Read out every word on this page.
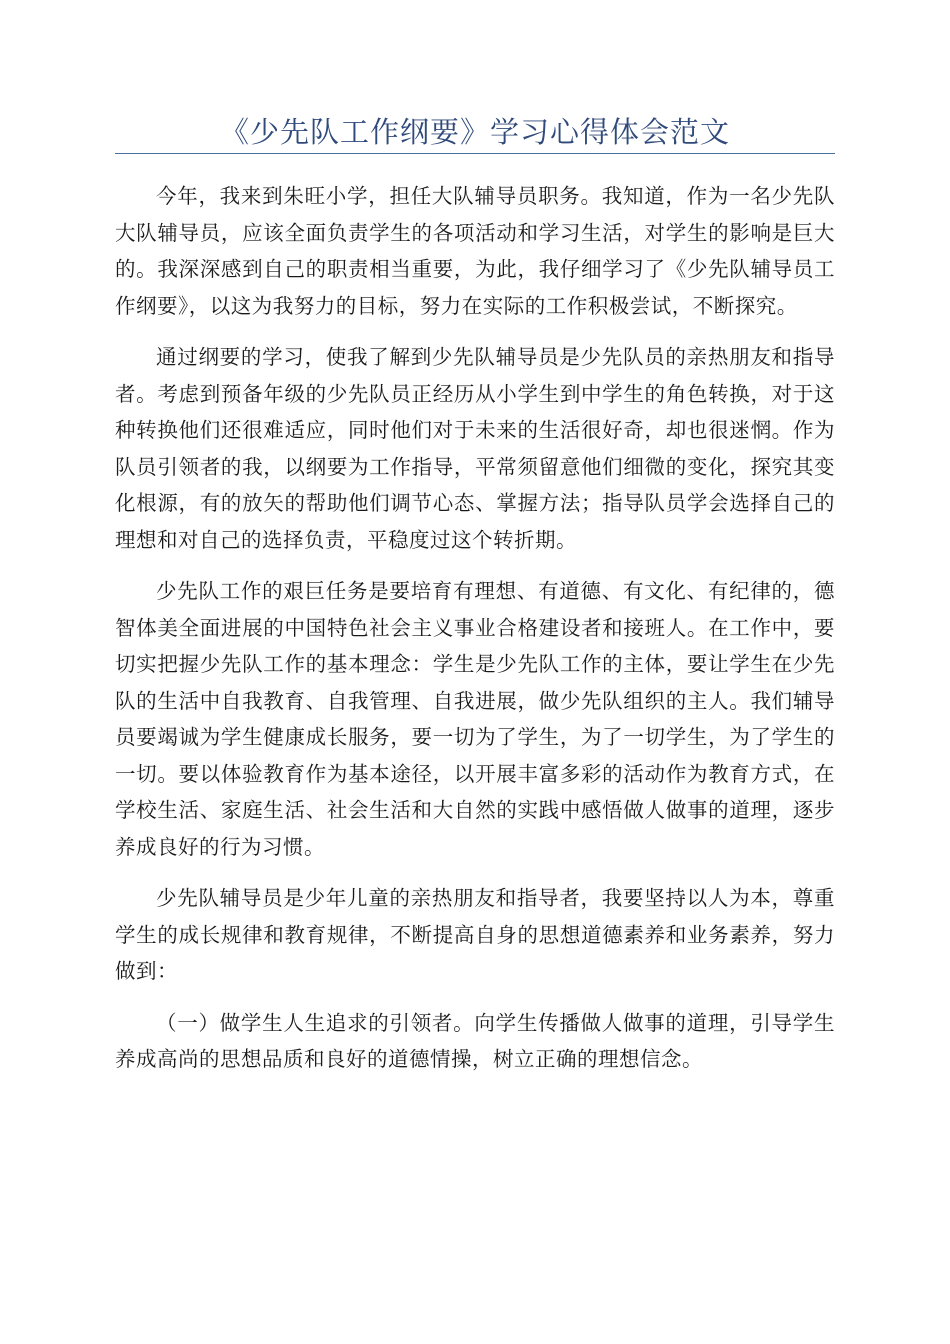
《少先队工作纲要》学习心得体会范文

今年，我来到朱旺小学，担任大队辅导员职务。我知道，作为一名少先队大队辅导员，应该全面负责学生的各项活动和学习生活，对学生的影响是巨大的。我深深感到自己的职责相当重要，为此，我仔细学习了《少先队辅导员工作纲要》，以这为我努力的目标，努力在实际的工作积极尝试，不断探究。

通过纲要的学习，使我了解到少先队辅导员是少先队员的亲热朋友和指导者。考虑到预备年级的少先队员正经历从小学生到中学生的角色转换，对于这种转换他们还很难适应，同时他们对于未来的生活很好奇，却也很迷惘。作为队员引领者的我，以纲要为工作指导，平常须留意他们细微的变化，探究其变化根源，有的放矢的帮助他们调节心态、掌握方法；指导队员学会选择自己的理想和对自己的选择负责，平稳度过这个转折期。

少先队工作的艰巨任务是要培育有理想、有道德、有文化、有纪律的，德智体美全面进展的中国特色社会主义事业合格建设者和接班人。在工作中，要切实把握少先队工作的基本理念：学生是少先队工作的主体，要让学生在少先队的生活中自我教育、自我管理、自我进展，做少先队组织的主人。我们辅导员要竭诚为学生健康成长服务，要一切为了学生，为了一切学生，为了学生的一切。要以体验教育作为基本途径，以开展丰富多彩的活动作为教育方式，在学校生活、家庭生活、社会生活和大自然的实践中感悟做人做事的道理，逐步养成良好的行为习惯。

少先队辅导员是少年儿童的亲热朋友和指导者，我要坚持以人为本，尊重学生的成长规律和教育规律，不断提高自身的思想道德素养和业务素养，努力做到：

（一）做学生人生追求的引领者。向学生传播做人做事的道理，引导学生养成高尚的思想品质和良好的道德情操，树立正确的理想信念。
